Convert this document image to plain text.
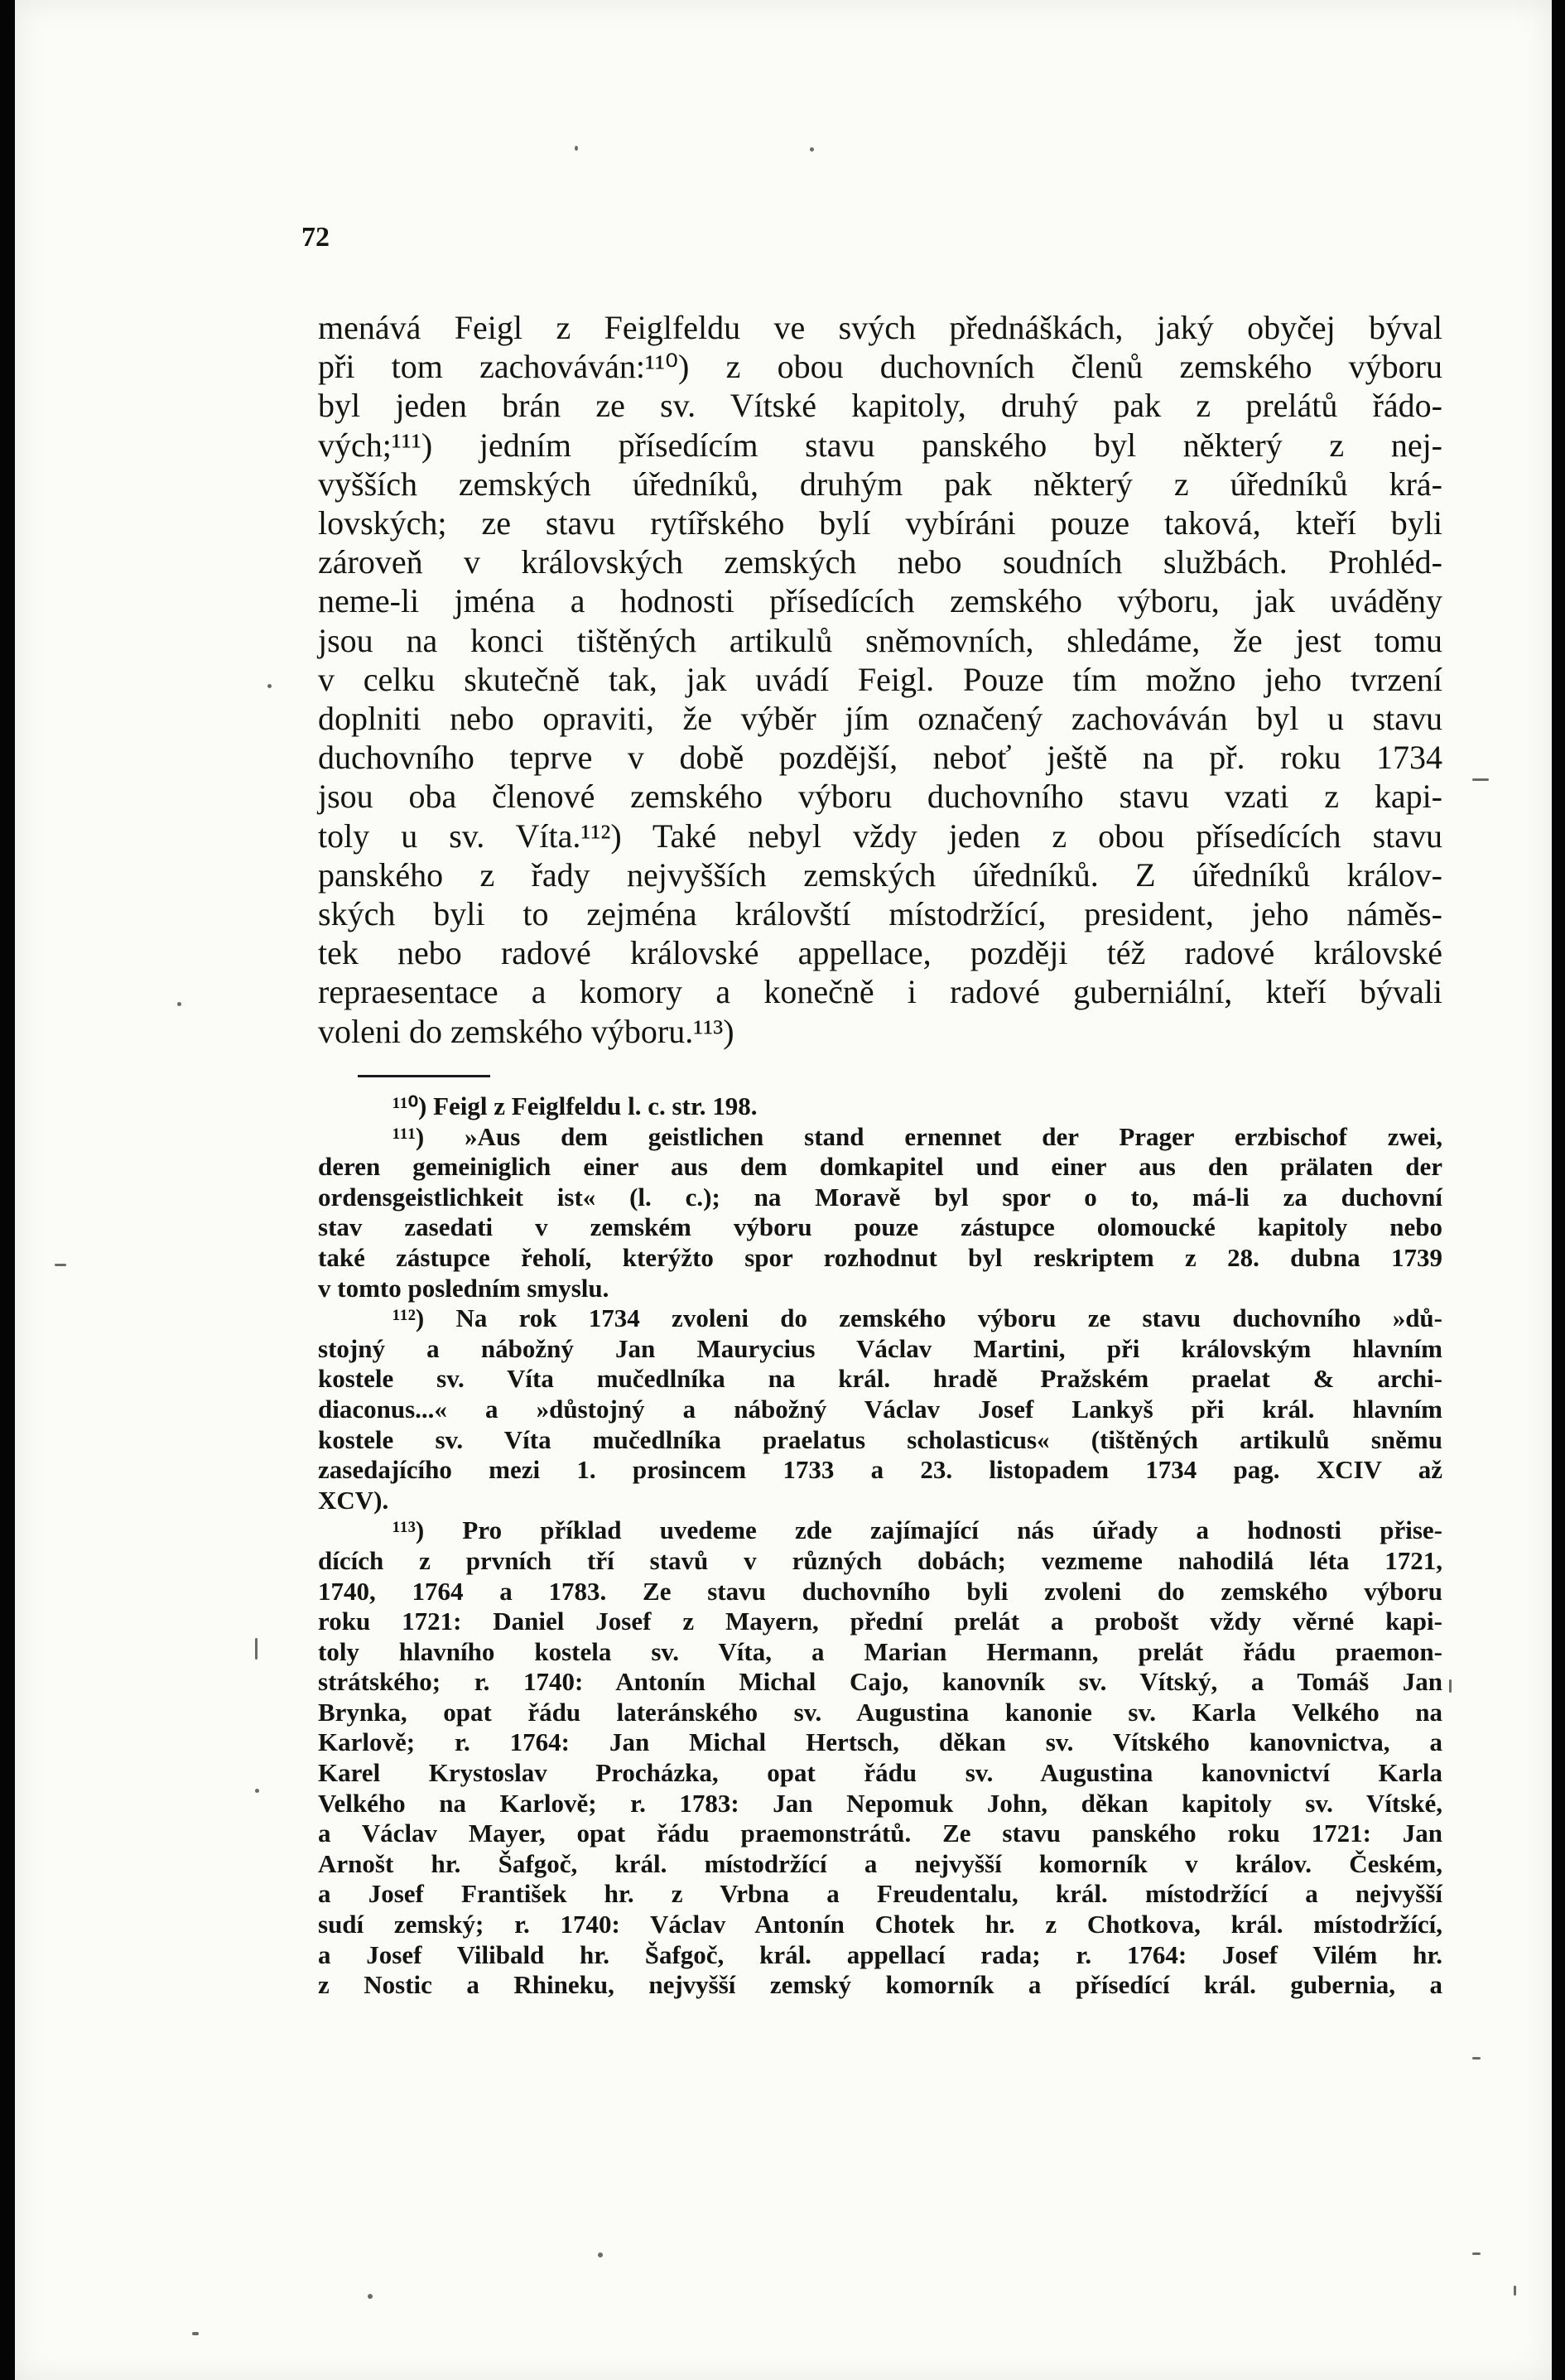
72
menává Feigl z Feiglfeldu ve svých přednáškách, jaký obyčej býval
při tom zachováván:¹¹⁰) z obou duchovních členů zemského výboru
byl jeden brán ze sv. Vítské kapitoly, druhý pak z prelátů řádo-
vých;¹¹¹) jedním přísedícím stavu panského byl některý z nej-
vyšších zemských úředníků, druhým pak některý z úředníků krá-
lovských; ze stavu rytířského bylí vybíráni pouze taková, kteří byli
zároveň v královských zemských nebo soudních službách. Prohléd-
neme-li jména a hodnosti přísedících zemského výboru, jak uváděny
jsou na konci tištěných artikulů sněmovních, shledáme, že jest tomu
v celku skutečně tak, jak uvádí Feigl. Pouze tím možno jeho tvrzení
doplniti nebo opraviti, že výběr jím označený zachováván byl u stavu
duchovního teprve v době pozdější, neboť ještě na př. roku 1734
jsou oba členové zemského výboru duchovního stavu vzati z kapi-
toly u sv. Víta.¹¹²) Také nebyl vždy jeden z obou přísedících stavu
panského z řady nejvyšších zemských úředníků. Z úředníků králov-
ských byli to zejména královští místodržící, president, jeho náměs-
tek nebo radové královské appellace, později též radové královské
repraesentace a komory a konečně i radové guberniální, kteří bývali
voleni do zemského výboru.¹¹³)
¹¹⁰) Feigl z Feiglfeldu l. c. str. 198.
¹¹¹) »Aus dem geistlichen stand ernennet der Prager erzbischof zwei,
deren gemeiniglich einer aus dem domkapitel und einer aus den prälaten der
ordensgeistlichkeit ist« (l. c.); na Moravě byl spor o to, má-li za duchovní
stav zasedati v zemském výboru pouze zástupce olomoucké kapitoly nebo
také zástupce řeholí, kterýžto spor rozhodnut byl reskriptem z 28. dubna 1739
v tomto posledním smyslu.
¹¹²) Na rok 1734 zvoleni do zemského výboru ze stavu duchovního »dů-
stojný a nábožný Jan Maurycius Václav Martini, při královským hlavním
kostele sv. Víta mučedlníka na král. hradě Pražském praelat & archi-
diaconus...« a »důstojný a nábožný Václav Josef Lankyš při král. hlavním
kostele sv. Víta mučedlníka praelatus scholasticus« (tištěných artikulů sněmu
zasedajícího mezi 1. prosincem 1733 a 23. listopadem 1734 pag. XCIV až
XCV).
¹¹³) Pro příklad uvedeme zde zajímající nás úřady a hodnosti přise-
dících z prvních tří stavů v různých dobách; vezmeme nahodilá léta 1721,
1740, 1764 a 1783. Ze stavu duchovního byli zvoleni do zemského výboru
roku 1721: Daniel Josef z Mayern, přední prelát a probošt vždy věrné kapi-
toly hlavního kostela sv. Víta, a Marian Hermann, prelát řádu praemon-
strátského; r. 1740: Antonín Michal Cajo, kanovník sv. Vítský, a Tomáš Jan
Brynka, opat řádu lateránského sv. Augustina kanonie sv. Karla Velkého na
Karlově; r. 1764: Jan Michal Hertsch, děkan sv. Vítského kanovnictva, a
Karel Krystoslav Procházka, opat řádu sv. Augustina kanovnictví Karla
Velkého na Karlově; r. 1783: Jan Nepomuk John, děkan kapitoly sv. Vítské,
a Václav Mayer, opat řádu praemonstrátů. Ze stavu panského roku 1721: Jan
Arnošt hr. Šafgoč, král. místodržící a nejvyšší komorník v králov. Českém,
a Josef František hr. z Vrbna a Freudentalu, král. místodržící a nejvyšší
sudí zemský; r. 1740: Václav Antonín Chotek hr. z Chotkova, král. místodržící,
a Josef Vilibald hr. Šafgoč, král. appellací rada; r. 1764: Josef Vilém hr.
z Nostic a Rhineku, nejvyšší zemský komorník a přísedící král. gubernia, a
